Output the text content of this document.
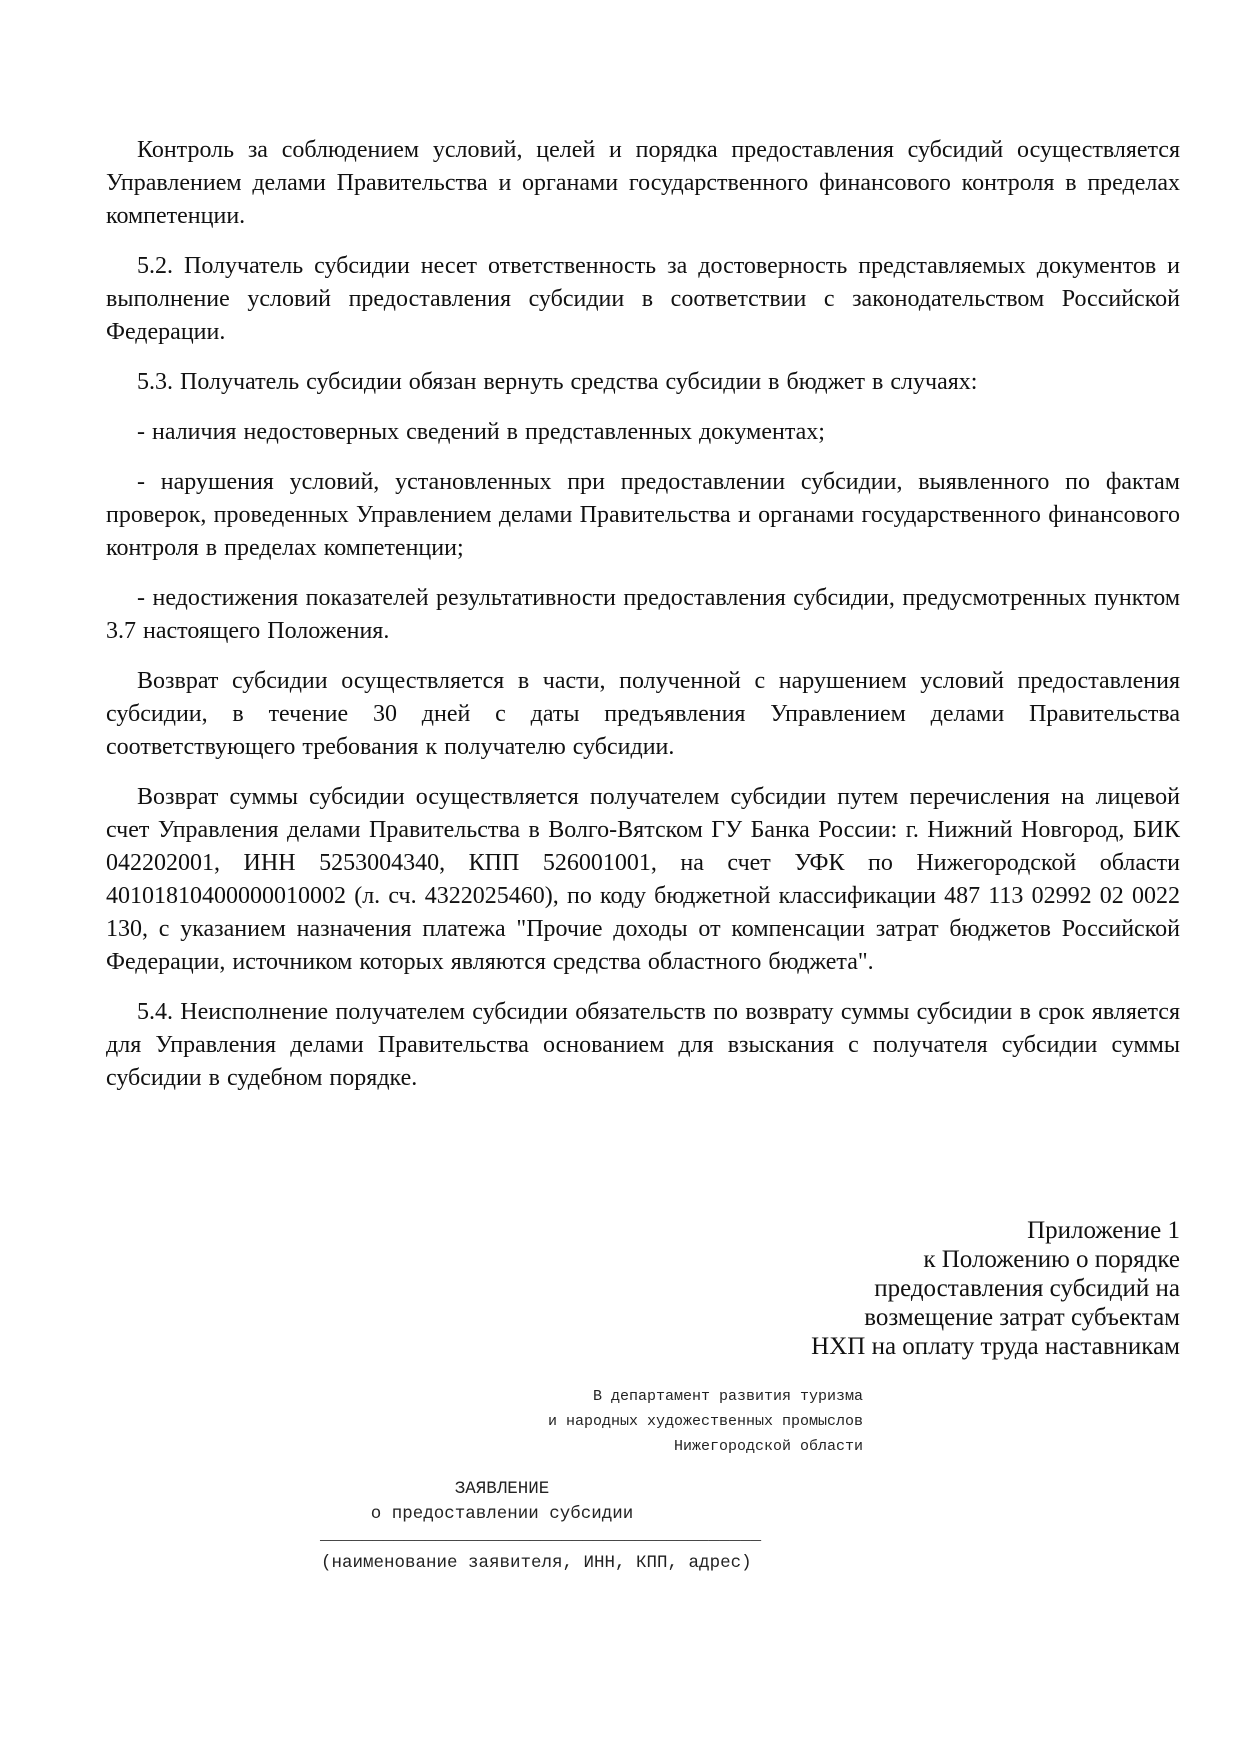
Контроль за соблюдением условий, целей и порядка предоставления субсидий осуществляется Управлением делами Правительства и органами государственного финансового контроля в пределах компетенции.

5.2. Получатель субсидии несет ответственность за достоверность представляемых документов и выполнение условий предоставления субсидии в соответствии с законодательством Российской Федерации.

5.3. Получатель субсидии обязан вернуть средства субсидии в бюджет в случаях:

- наличия недостоверных сведений в представленных документах;

- нарушения условий, установленных при предоставлении субсидии, выявленного по фактам проверок, проведенных Управлением делами Правительства и органами государственного финансового контроля в пределах компетенции;

- недостижения показателей результативности предоставления субсидии, предусмотренных пунктом 3.7 настоящего Положения.

Возврат субсидии осуществляется в части, полученной с нарушением условий предоставления субсидии, в течение 30 дней с даты предъявления Управлением делами Правительства соответствующего требования к получателю субсидии.

Возврат суммы субсидии осуществляется получателем субсидии путем перечисления на лицевой счет Управления делами Правительства в Волго-Вятском ГУ Банка России: г. Нижний Новгород, БИК 042202001, ИНН 5253004340, КПП 526001001, на счет УФК по Нижегородской области 40101810400000010002 (л. сч. 4322025460), по коду бюджетной классификации 487 113 02992 02 0022 130, с указанием назначения платежа "Прочие доходы от компенсации затрат бюджетов Российской Федерации, источником которых являются средства областного бюджета".

5.4. Неисполнение получателем субсидии обязательств по возврату суммы субсидии в срок является для Управления делами Правительства основанием для взыскания с получателя субсидии суммы субсидии в судебном порядке.

Приложение 1
к Положению о порядке
предоставления субсидий на
возмещение затрат субъектам
НХП на оплату труда наставникам
В департамент развития туризма
и народных художественных промыслов
Нижегородской области
ЗАЯВЛЕНИЕ
о предоставлении субсидии
__________________________________________
(наименование заявителя, ИНН, КПП, адрес)
